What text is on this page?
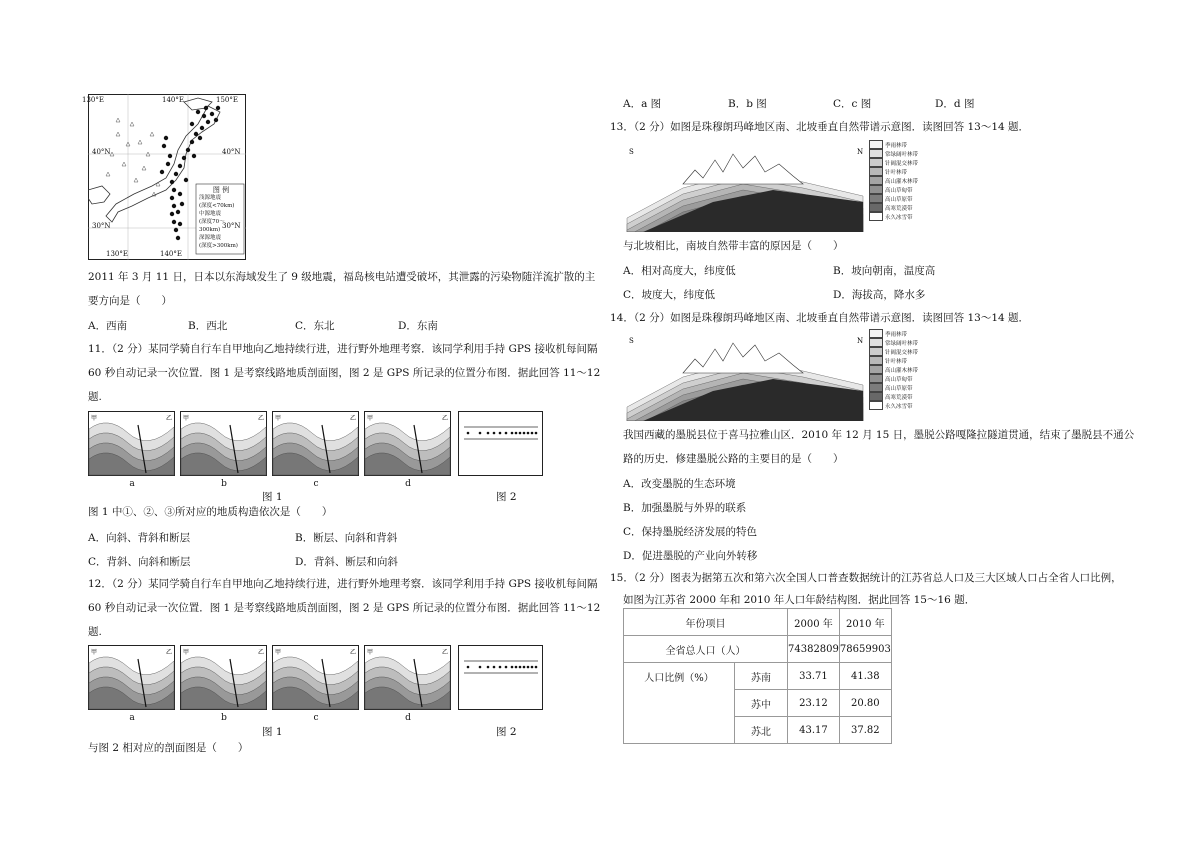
130°E	140°E	150°E
40°N	40°N
30°N	30°N
130°E	140°E
图 例
浅源地震
(深度<70km)
中源地震
(深度70～300km)
深源地震
(深度>300km)
2011 年 3 月 11 日，日本以东海域发生了 9 级地震，福岛核电站遭受破坏，其泄露的污染物随洋流扩散的主
要方向是（　　）
A．西南	B．西北	C．东北	D．东南
11．（2 分）某同学骑自行车自甲地向乙地持续行进，进行野外地理考察．该同学利用手持 GPS 接收机每间隔
60 秒自动记录一次位置．图 1 是考察线路地质剖面图，图 2 是 GPS 所记录的位置分布图．据此回答 11～12
题.
甲	乙 甲	乙 甲	乙 甲	乙
a	b	c	d
图 1	图 2
图 1 中①、②、③所对应的地质构造依次是（　　）
A．向斜、背斜和断层	B．断层、向斜和背斜
C．背斜、向斜和断层	D．背斜、断层和向斜
12．（2 分）某同学骑自行车自甲地向乙地持续行进，进行野外地理考察．该同学利用手持 GPS 接收机每间隔
60 秒自动记录一次位置．图 1 是考察线路地质剖面图，图 2 是 GPS 所记录的位置分布图．据此回答 11～12
题.
甲	乙 甲	乙 甲	乙 甲	乙
a	b	c	d
图 1	图 2
与图 2 相对应的剖面图是（　　）
A．a 图	B．b 图	C．c 图	D．d 图
13．（2 分）如图是珠穆朗玛峰地区南、北坡垂直自然带谱示意图．读图回答 13～14 题．
S	N
季雨林带
常绿阔叶林带
针阔混交林带
针叶林带
高山灌木林带
高山草甸带
高山草原带
高寒荒漠带
永久冰雪带
与北坡相比，南坡自然带丰富的原因是（　　）
A．相对高度大，纬度低	B．坡向朝南，温度高
C．坡度大，纬度低	D．海拔高，降水多
14．（2 分）如图是珠穆朗玛峰地区南、北坡垂直自然带谱示意图．读图回答 13～14 题．
S	N
季雨林带
常绿阔叶林带
针阔混交林带
针叶林带
高山灌木林带
高山草甸带
高山草原带
高寒荒漠带
永久冰雪带
我国西藏的墨脱县位于喜马拉雅山区．2010 年 12 月 15 日，墨脱公路嘎隆拉隧道贯通，结束了墨脱县不通公
路的历史．修建墨脱公路的主要目的是（　　）
A．改变墨脱的生态环境
B．加强墨脱与外界的联系
C．保持墨脱经济发展的特色
D．促进墨脱的产业向外转移
15．（2 分）图表为据第五次和第六次全国人口普查数据统计的江苏省总人口及三大区域人口占全省人口比例，
如图为江苏省 2000 年和 2010 年人口年龄结构图．据此回答 15～16 题．
年份项目		2000 年	2010 年
全省总人口（人）		74382809	78659903
人口比例（%）	苏南	33.71	41.38
	苏中	23.12	20.80
	苏北	43.17	37.82
